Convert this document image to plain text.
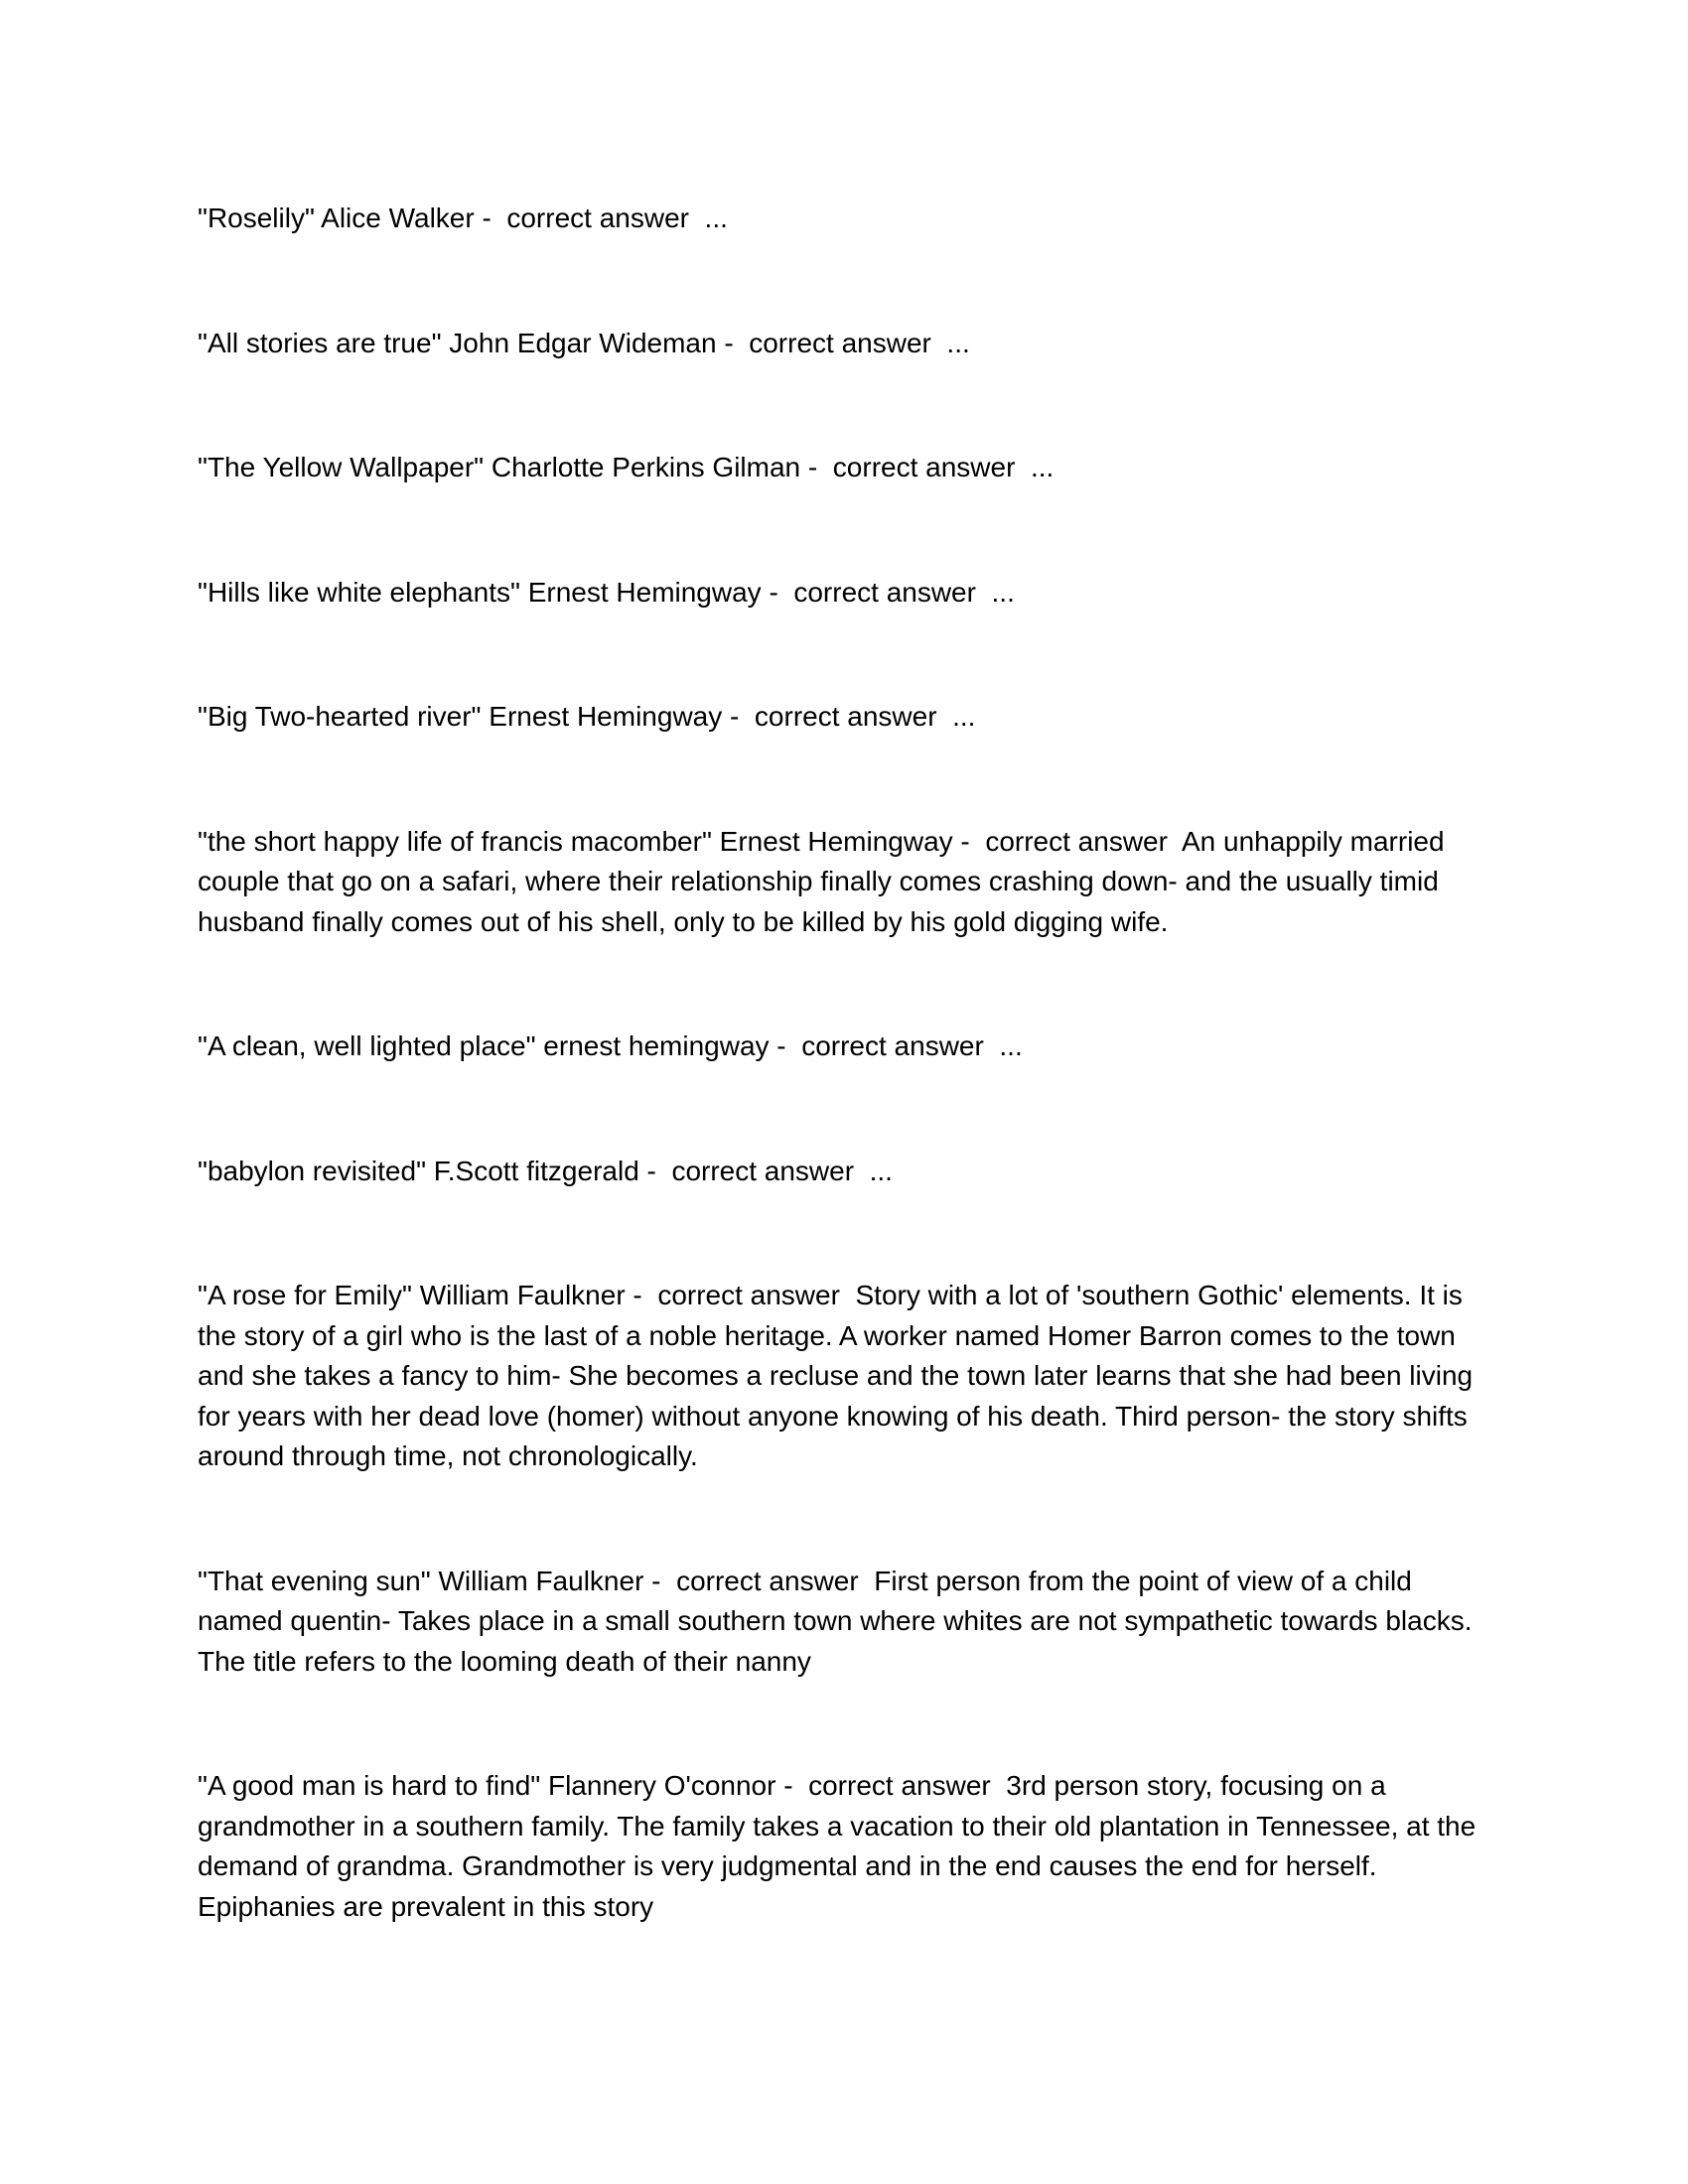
"Roselily" Alice Walker -  correct answer ...
"All stories are true" John Edgar Wideman -  correct answer ...
"The Yellow Wallpaper" Charlotte Perkins Gilman -  correct answer ...
"Hills like white elephants" Ernest Hemingway -  correct answer ...
"Big Two-hearted river" Ernest Hemingway -  correct answer ...
"the short happy life of francis macomber" Ernest Hemingway -  correct answer An unhappily married couple that go on a safari, where their relationship finally comes crashing down- and the usually timid husband finally comes out of his shell, only to be killed by his gold digging wife.
"A clean, well lighted place" ernest hemingway -  correct answer ...
"babylon revisited" F.Scott fitzgerald -  correct answer ...
"A rose for Emily" William Faulkner -  correct answer Story with a lot of 'southern Gothic' elements. It is the story of a girl who is the last of a noble heritage. A worker named Homer Barron comes to the town and she takes a fancy to him- She becomes a recluse and the town later learns that she had been living for years with her dead love (homer) without anyone knowing of his death. Third person- the story shifts around through time, not chronologically.
"That evening sun" William Faulkner -  correct answer First person from the point of view of a child named quentin- Takes place in a small southern town where whites are not sympathetic towards blacks. The title refers to the looming death of their nanny
"A good man is hard to find" Flannery O'connor -  correct answer 3rd person story, focusing on a grandmother in a southern family. The family takes a vacation to their old plantation in Tennessee, at the demand of grandma. Grandmother is very judgmental and in the end causes the end for herself. Epiphanies are prevalent in this story
